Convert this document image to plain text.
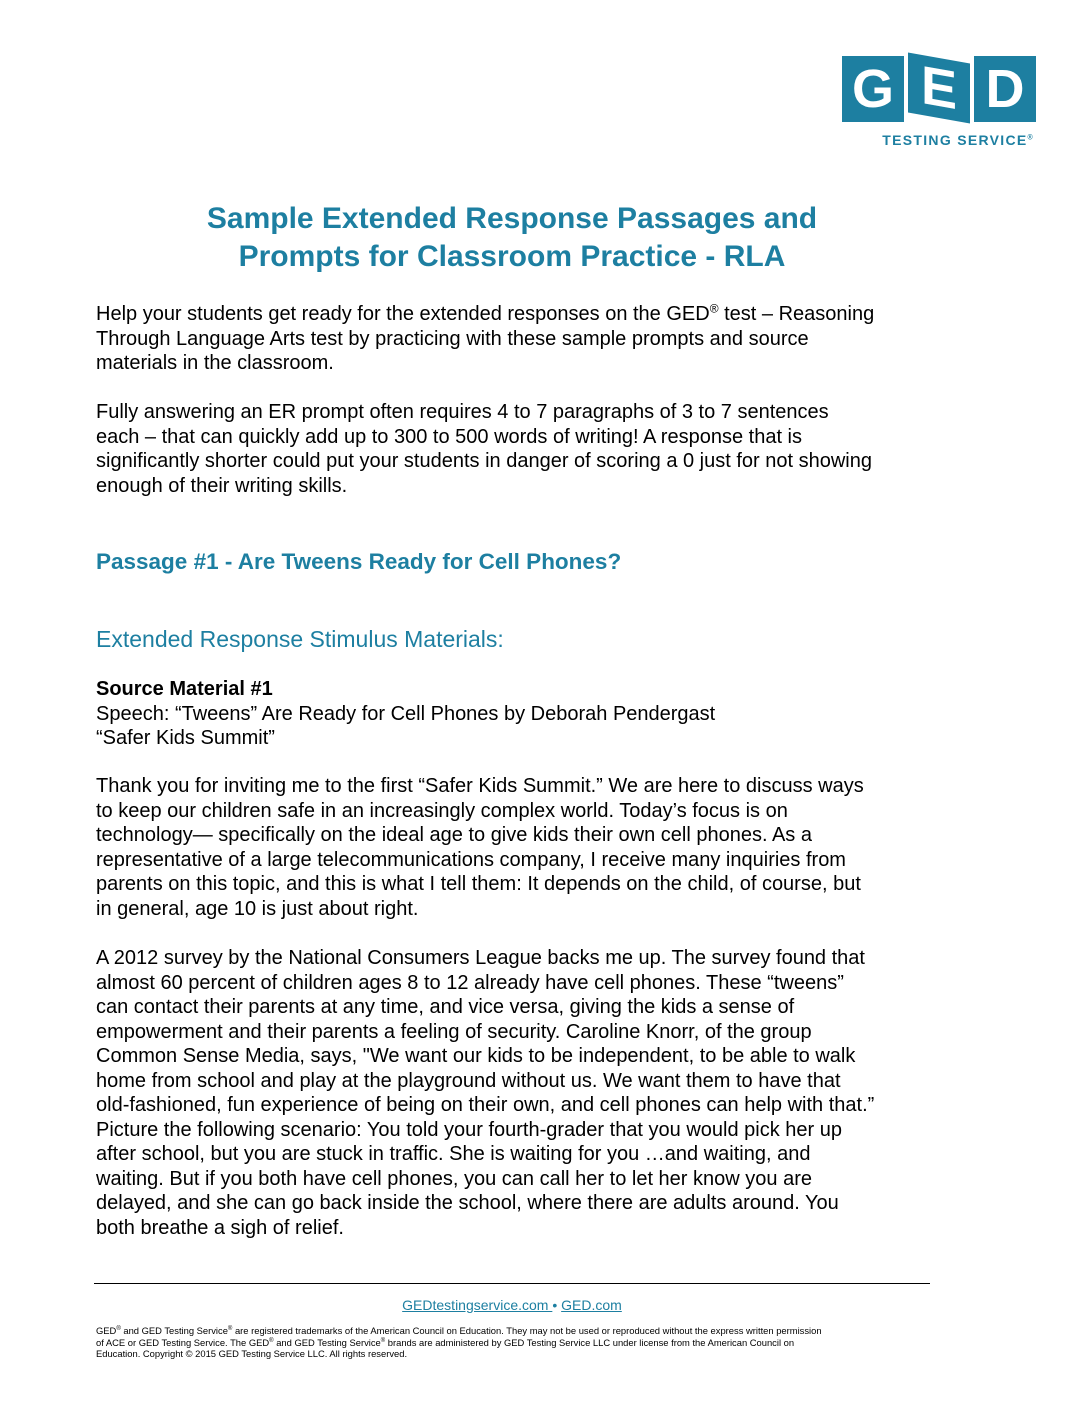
G E D
TESTING SERVICE®
Sample Extended Response Passages and
Prompts for Classroom Practice - RLA

Help your students get ready for the extended responses on the GED® test – Reasoning
Through Language Arts test by practicing with these sample prompts and source
materials in the classroom.

Fully answering an ER prompt often requires 4 to 7 paragraphs of 3 to 7 sentences
each – that can quickly add up to 300 to 500 words of writing! A response that is
significantly shorter could put your students in danger of scoring a 0 just for not showing
enough of their writing skills.

Passage #1 - Are Tweens Ready for Cell Phones?
Extended Response Stimulus Materials:

Source Material #1
Speech: “Tweens” Are Ready for Cell Phones by Deborah Pendergast
“Safer Kids Summit”

Thank you for inviting me to the first “Safer Kids Summit.” We are here to discuss ways
to keep our children safe in an increasingly complex world. Today’s focus is on
technology— specifically on the ideal age to give kids their own cell phones. As a
representative of a large telecommunications company, I receive many inquiries from
parents on this topic, and this is what I tell them: It depends on the child, of course, but
in general, age 10 is just about right.

A 2012 survey by the National Consumers League backs me up. The survey found that
almost 60 percent of children ages 8 to 12 already have cell phones. These “tweens”
can contact their parents at any time, and vice versa, giving the kids a sense of
empowerment and their parents a feeling of security. Caroline Knorr, of the group
Common Sense Media, says, "We want our kids to be independent, to be able to walk
home from school and play at the playground without us. We want them to have that
old-fashioned, fun experience of being on their own, and cell phones can help with that.”
Picture the following scenario: You told your fourth-grader that you would pick her up
after school, but you are stuck in traffic. She is waiting for you …and waiting, and
waiting. But if you both have cell phones, you can call her to let her know you are
delayed, and she can go back inside the school, where there are adults around. You
both breathe a sigh of relief.

GEDtestingservice.com • GED.com

GED® and GED Testing Service® are registered trademarks of the American Council on Education. They may not be used or reproduced without the express written permission
of ACE or GED Testing Service. The GED® and GED Testing Service® brands are administered by GED Testing Service LLC under license from the American Council on
Education. Copyright © 2015 GED Testing Service LLC. All rights reserved.
